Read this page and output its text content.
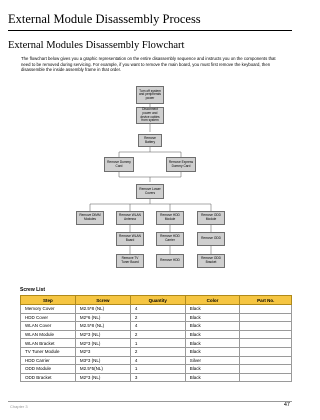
External Module Disassembly Process
External Modules Disassembly Flowchart
The flowchart below gives you a graphic representation on the entire disassembly sequence and instructs you on the components that need to be removed during servicing. For example, if you want to remove the main board, you must first remove the keyboard, then disassemble the inside assembly frame in that order.
Turn off system and peripherals power
Disconnect power and device cables from system
Remove Battery
Remove Dummy Card
Remove Express Dummy Card
Remove Lower Covers
Remove DIMM Modules
Remove WLAN Antenna
Remove HDD Module
Remove ODD Module
Remove WLAN Board
Remove HDD Carrier	Remove ODD
Remove TV Tuner Board	Remove HDD	Remove ODD Bracket
Screw List
Step	Screw	Quantity	Color	Part No.
Memory Cover	M2.5*8 (NL)	4	Black	
HDD Cover	M2*6 (NL)	2	Black	
WLAN Cover	M2.5*8 (NL)	4	Black	
WLAN Module	M2*3 (NL)	2	Black	
WLAN Bracket	M2*3 (NL)	1	Black	
TV Tuner Module	M2*3	2	Black	
HDD Carrier	M3*3 (NL)	4	Silver	
ODD Module	M2.5*5(NL)	1	Black	
ODD Bracket	M2*3 (NL)	3	Black	
Chapter 3	47
